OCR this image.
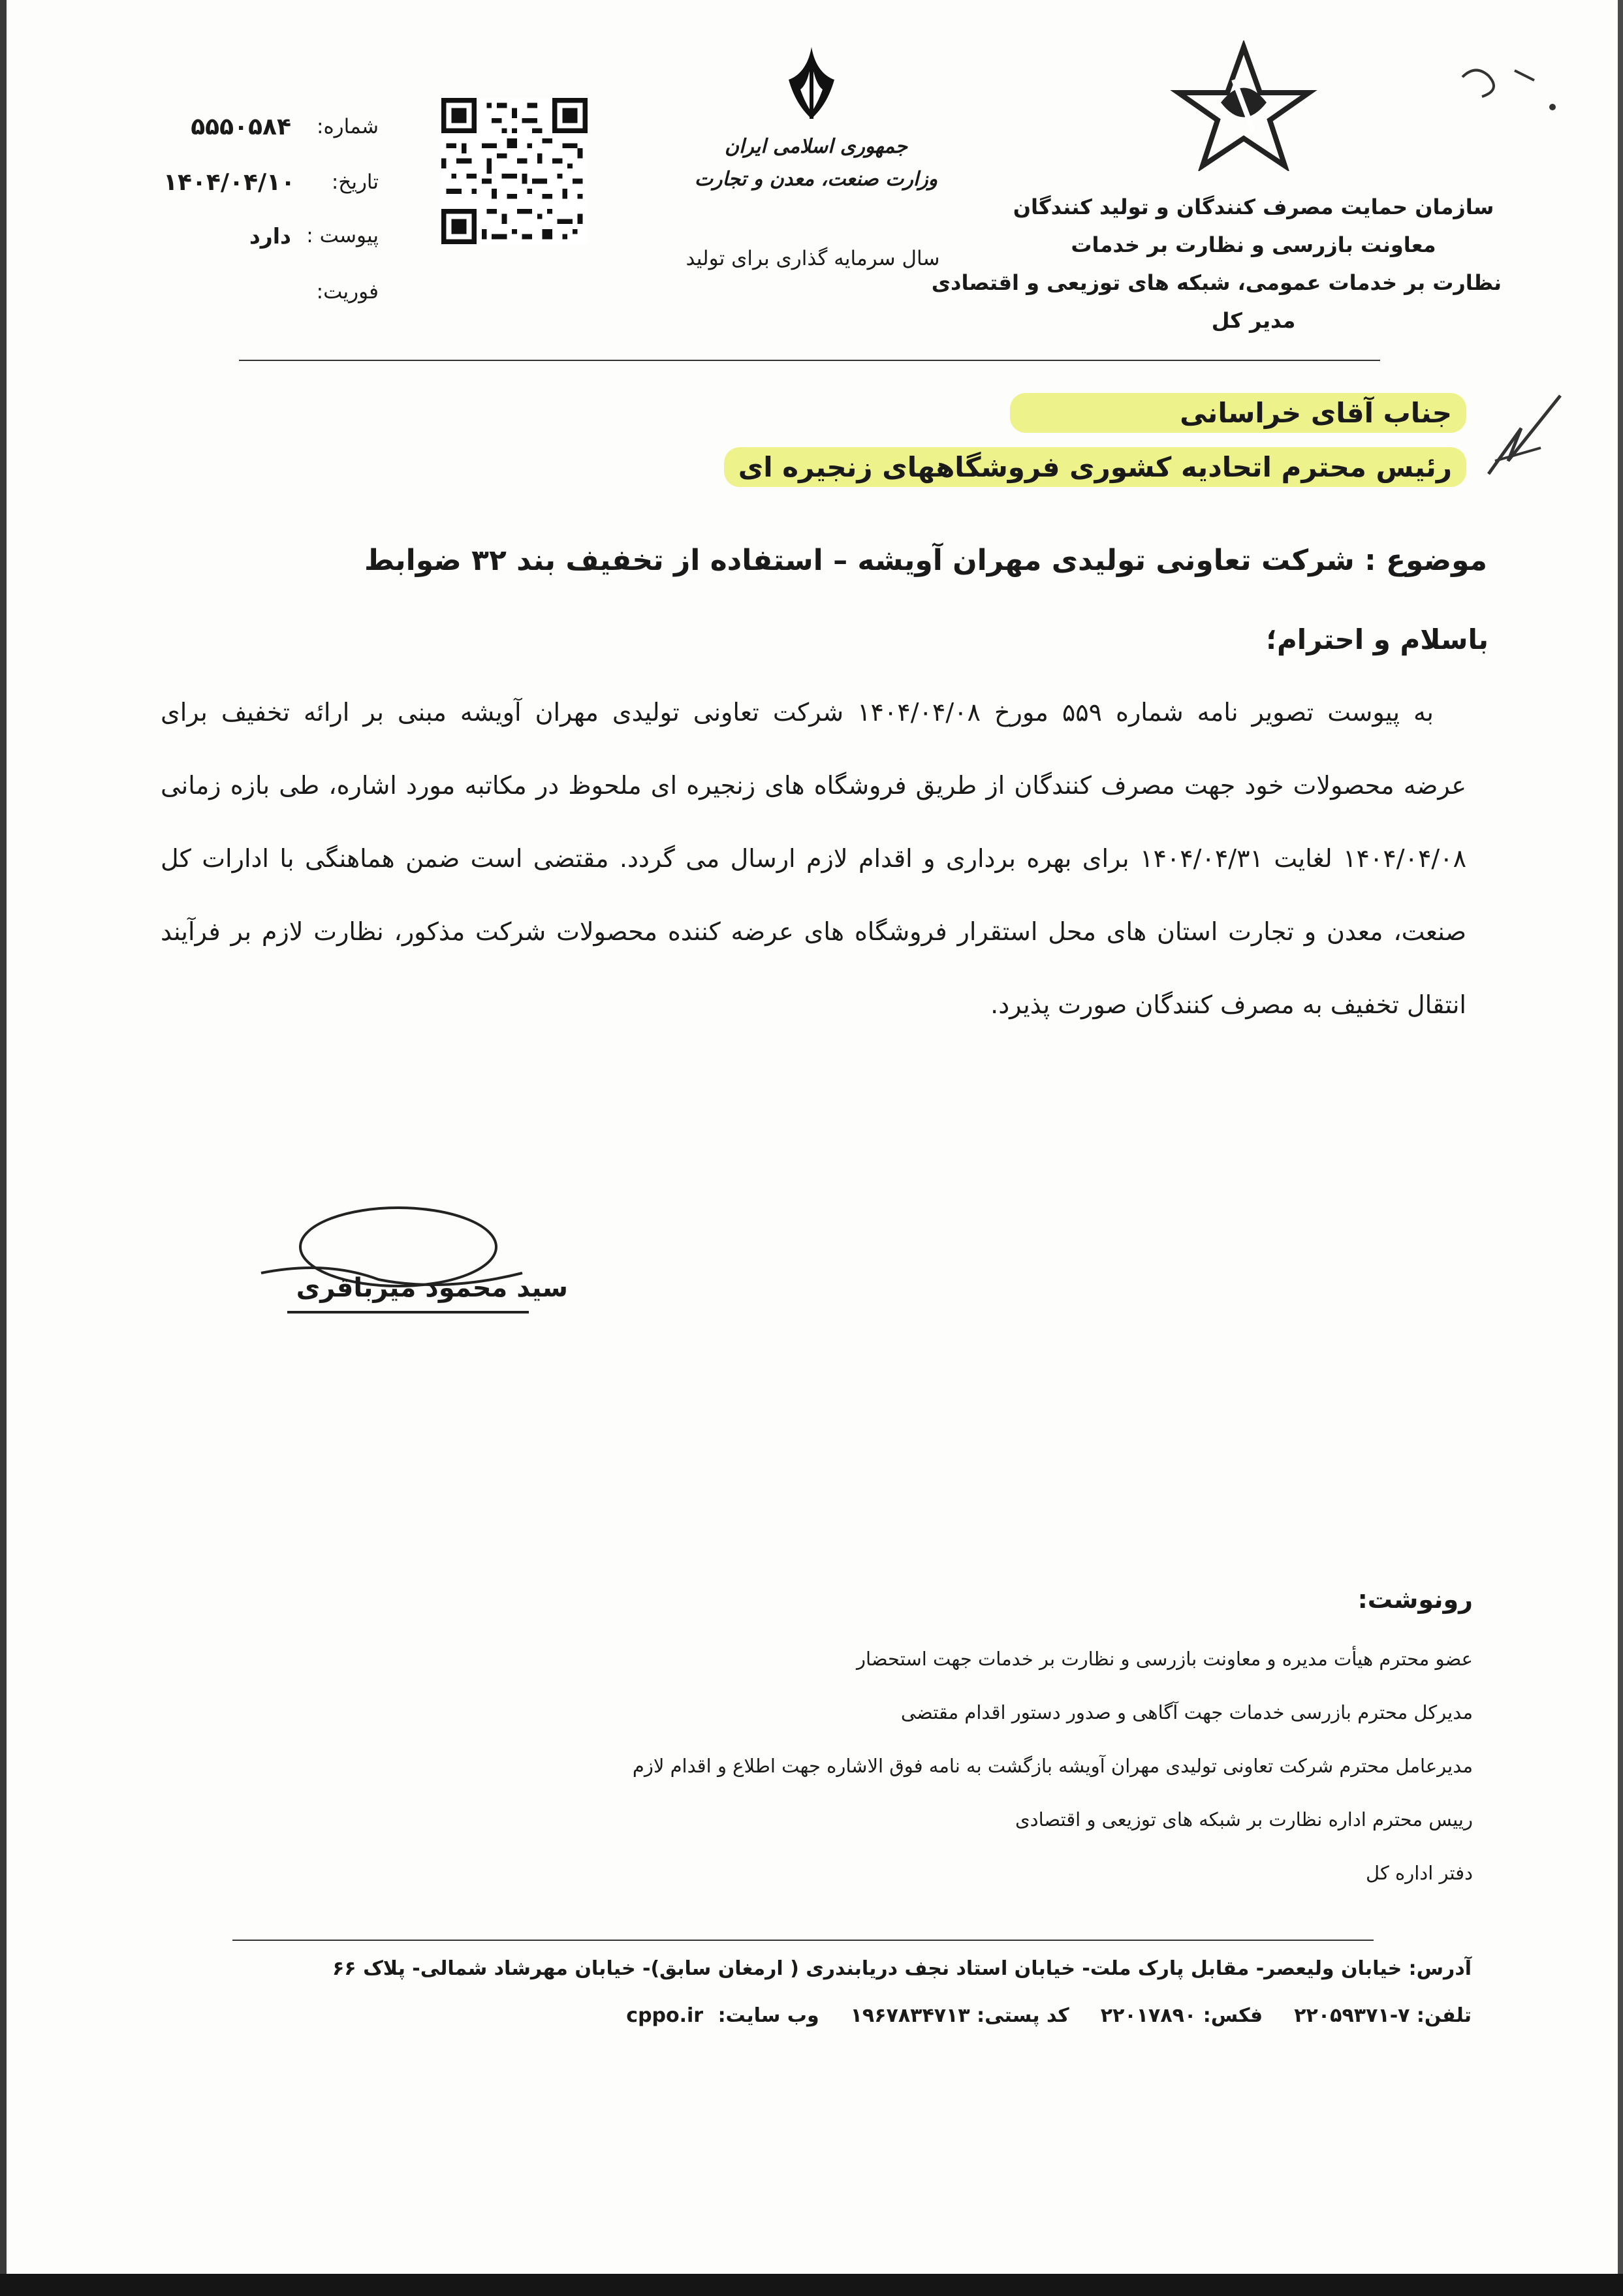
سازمان حمایت مصرف کنندگان و تولید کنندگان
معاونت بازرسی و نظارت بر خدمات
نظارت بر خدمات عمومی، شبکه های توزیعی و اقتصادی
مدیر کل
جمهوری اسلامی ایران
وزارت صنعت، معدن و تجارت
سال سرمایه گذاری برای تولید
شماره:
۵۵۵۰۵۸۴
تاریخ:
۱۴۰۴/۰۴/۱۰
پیوست :
دارد
فوریت:
جناب آقای خراسانی
رئیس محترم اتحادیه کشوری فروشگاههای زنجیره ای
موضوع : شرکت تعاونی تولیدی مهران آویشه – استفاده از تخفیف بند ۳۲ ضوابط
باسلام و احترام؛
به پیوست تصویر نامه شماره ۵۵۹ مورخ ۱۴۰۴/۰۴/۰۸ شرکت تعاونی تولیدی مهران آویشه مبنی بر ارائه تخفیف برای
عرضه محصولات خود جهت مصرف کنندگان از طریق فروشگاه های زنجیره ای ملحوظ در مکاتبه مورد اشاره، طی بازه زمانی
۱۴۰۴/۰۴/۰۸ لغایت ۱۴۰۴/۰۴/۳۱ برای بهره برداری و اقدام لازم ارسال می گردد. مقتضی است ضمن هماهنگی با ادارات کل
صنعت، معدن و تجارت استان های محل استقرار فروشگاه های عرضه کننده محصولات شرکت مذکور، نظارت لازم بر فرآیند
انتقال تخفیف به مصرف کنندگان صورت پذیرد.
سید محمود میرباقری
رونوشت:
عضو محترم هیأت مدیره و معاونت بازرسی و نظارت بر خدمات جهت استحضار
مدیرکل محترم بازرسی خدمات جهت آگاهی و صدور دستور اقدام مقتضی
مدیرعامل محترم شرکت تعاونی تولیدی مهران آویشه بازگشت به نامه فوق الاشاره جهت اطلاع و اقدام لازم
رییس محترم اداره نظارت بر شبکه های توزیعی و اقتصادی
دفتر اداره کل
آدرس: خیابان ولیعصر- مقابل پارک ملت- خیابان استاد نجف دریابندری ( ارمغان سابق)- خیابان مهرشاد شمالی- پلاک ۶۶
تلفن: ۷-۲۲۰۵۹۳۷۱
فکس: ۲۲۰۱۷۸۹۰
کد پستی: ۱۹۶۷۸۳۴۷۱۳
وب سایت: cppo.ir
